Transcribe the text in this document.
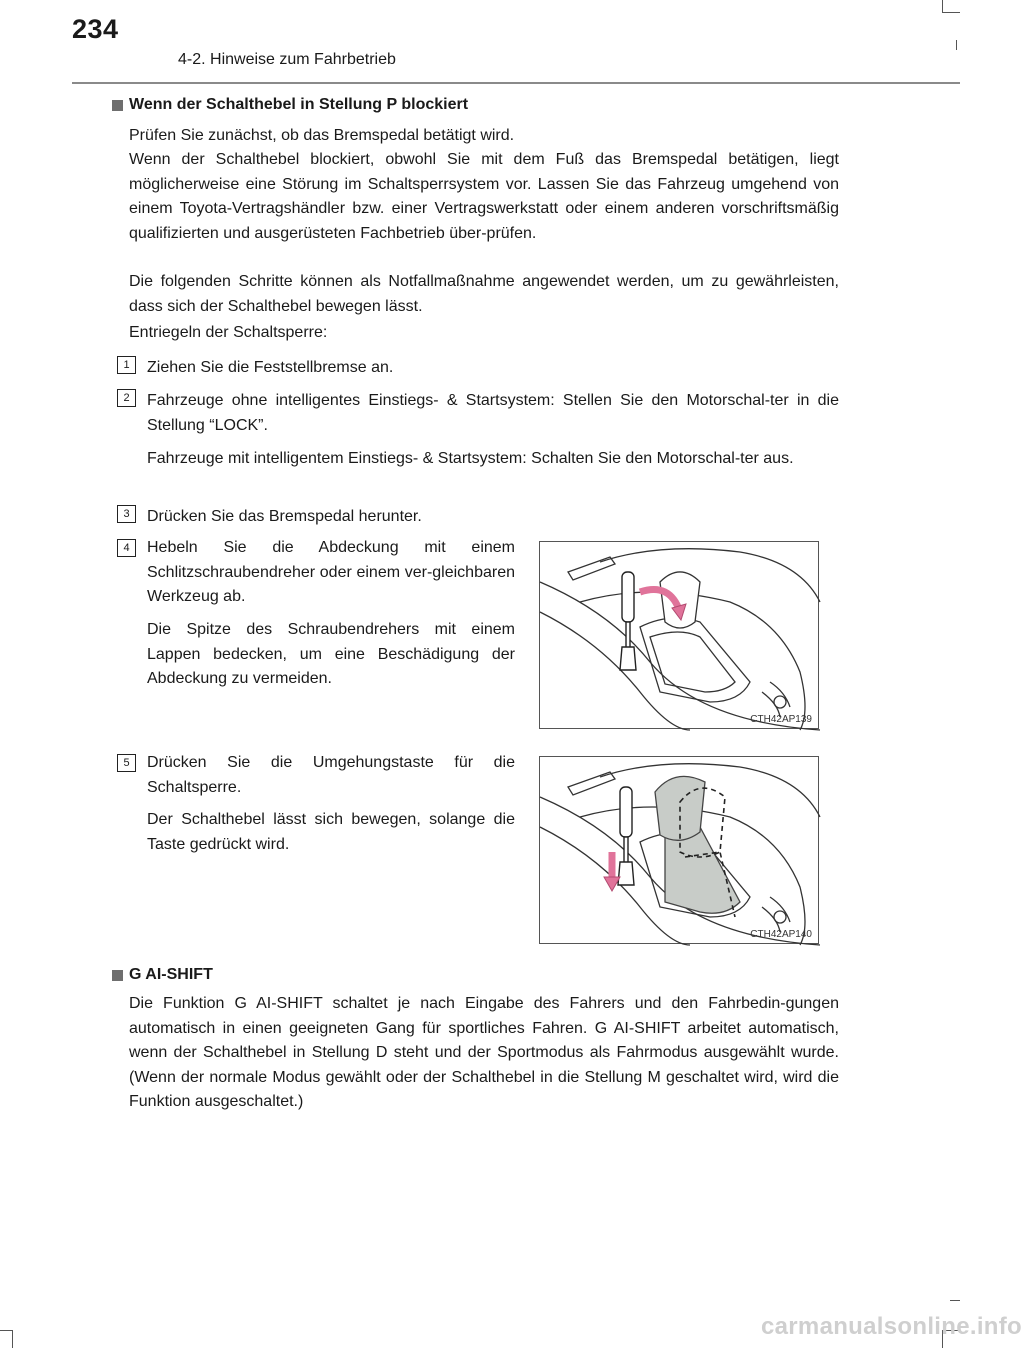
234
4-2. Hinweise zum Fahrbetrieb
Wenn der Schalthebel in Stellung P blockiert
Prüfen Sie zunächst, ob das Bremspedal betätigt wird.
Wenn der Schalthebel blockiert, obwohl Sie mit dem Fuß das Bremspedal betätigen, liegt möglicherweise eine Störung im Schaltsperrsystem vor. Lassen Sie das Fahrzeug umgehend von einem Toyota-Vertragshändler bzw. einer Vertragswerkstatt oder einem anderen vorschriftsmäßig qualifizierten und ausgerüsteten Fachbetrieb über-prüfen.
Die folgenden Schritte können als Notfallmaßnahme angewendet werden, um zu gewährleisten, dass sich der Schalthebel bewegen lässt.
Entriegeln der Schaltsperre:
1	Ziehen Sie die Feststellbremse an.
2	Fahrzeuge ohne intelligentes Einstiegs- & Startsystem: Stellen Sie den Motorschal-ter in die Stellung “LOCK”.
Fahrzeuge mit intelligentem Einstiegs- & Startsystem: Schalten Sie den Motorschal-ter aus.
3	Drücken Sie das Bremspedal herunter.
4	Hebeln Sie die Abdeckung mit einem Schlitzschraubendreher oder einem ver-gleichbaren Werkzeug ab.
Die Spitze des Schraubendrehers mit einem Lappen bedecken, um eine Beschädigung der Abdeckung zu vermeiden.
CTH42AP139
5	Drücken Sie die Umgehungstaste für die Schaltsperre.
Der Schalthebel lässt sich bewegen, solange die Taste gedrückt wird.
CTH42AP140
G AI-SHIFT
Die Funktion G AI-SHIFT schaltet je nach Eingabe des Fahrers und den Fahrbedin-gungen automatisch in einen geeigneten Gang für sportliches Fahren. G AI-SHIFT arbeitet automatisch, wenn der Schalthebel in Stellung D steht und der Sportmodus als Fahrmodus ausgewählt wurde. (Wenn der normale Modus gewählt oder der Schalthebel in die Stellung M geschaltet wird, wird die Funktion ausgeschaltet.)
carmanualsonline.info
